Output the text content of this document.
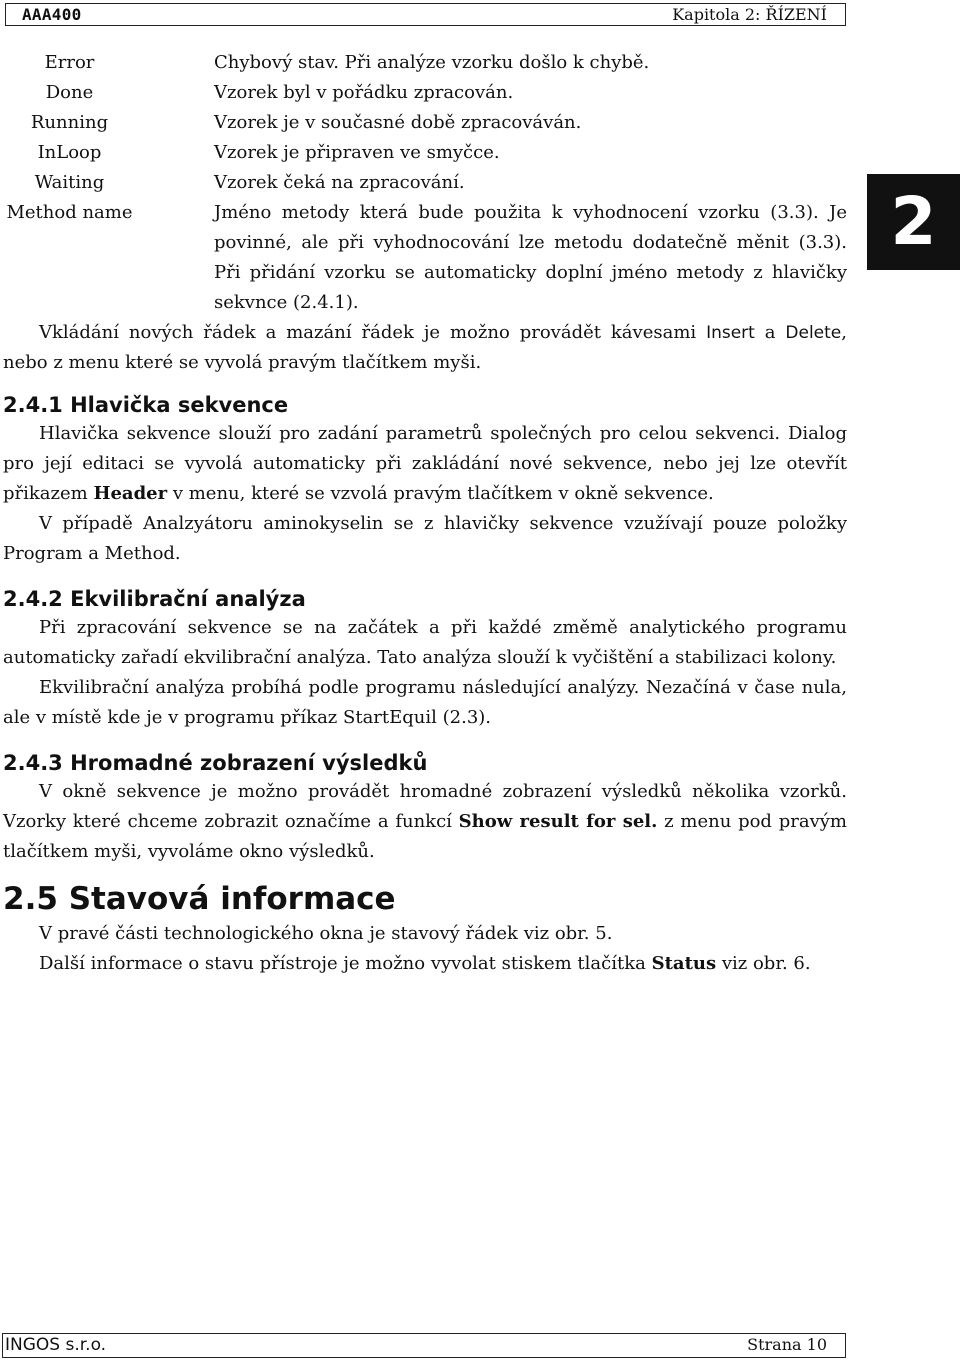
AAA400	Kapitola 2: ŘÍZENÍ
2
Error	Chybový stav. Při analýze vzorku došlo k chybě.
Done	Vzorek byl v pořádku zpracován.
Running	Vzorek je v současné době zpracováván.
InLoop	Vzorek je připraven ve smyčce.
Waiting	Vzorek čeká na zpracování.
Method name	Jméno metody která bude použita k vyhodnocení vzorku (3.3). Je povinné, ale při vyhodnocování lze metodu dodatečně měnit (3.3). Při přidání vzorku se automaticky doplní jméno metody z hlavičky sekvnce (2.4.1).

Vkládání nových řádek a mazání řádek je možno provádět kávesami Insert a Delete, nebo z menu které se vyvolá pravým tlačítkem myši.

2.4.1 Hlavička sekvence

Hlavička sekvence slouží pro zadání parametrů společných pro celou sekvenci. Dialog pro její editaci se vyvolá automaticky při zakládání nové sekvence, nebo jej lze otevřít přikazem Header v menu, které se vzvolá pravým tlačítkem v okně sekvence.

V případě Analzyátoru aminokyselin se z hlavičky sekvence vzužívají pouze položky Program a Method.

2.4.2 Ekvilibrační analýza

Při zpracování sekvence se na začátek a při každé změmě analytického programu automaticky zařadí ekvilibrační analýza. Tato analýza slouží k vyčištění a stabilizaci kolony.

Ekvilibrační analýza probíhá podle programu následující analýzy. Nezačíná v čase nula, ale v místě kde je v programu příkaz StartEquil (2.3).

2.4.3 Hromadné zobrazení výsledků

V okně sekvence je možno provádět hromadné zobrazení výsledků několika vzorků. Vzorky které chceme zobrazit označíme a funkcí Show result for sel. z menu pod pravým tlačítkem myši, vyvoláme okno výsledků.

2.5 Stavová informace

V pravé části technologického okna je stavový řádek viz obr. 5.

Další informace o stavu přístroje je možno vyvolat stiskem tlačítka Status viz obr. 6.

INGOS s.r.o.	Strana 10
